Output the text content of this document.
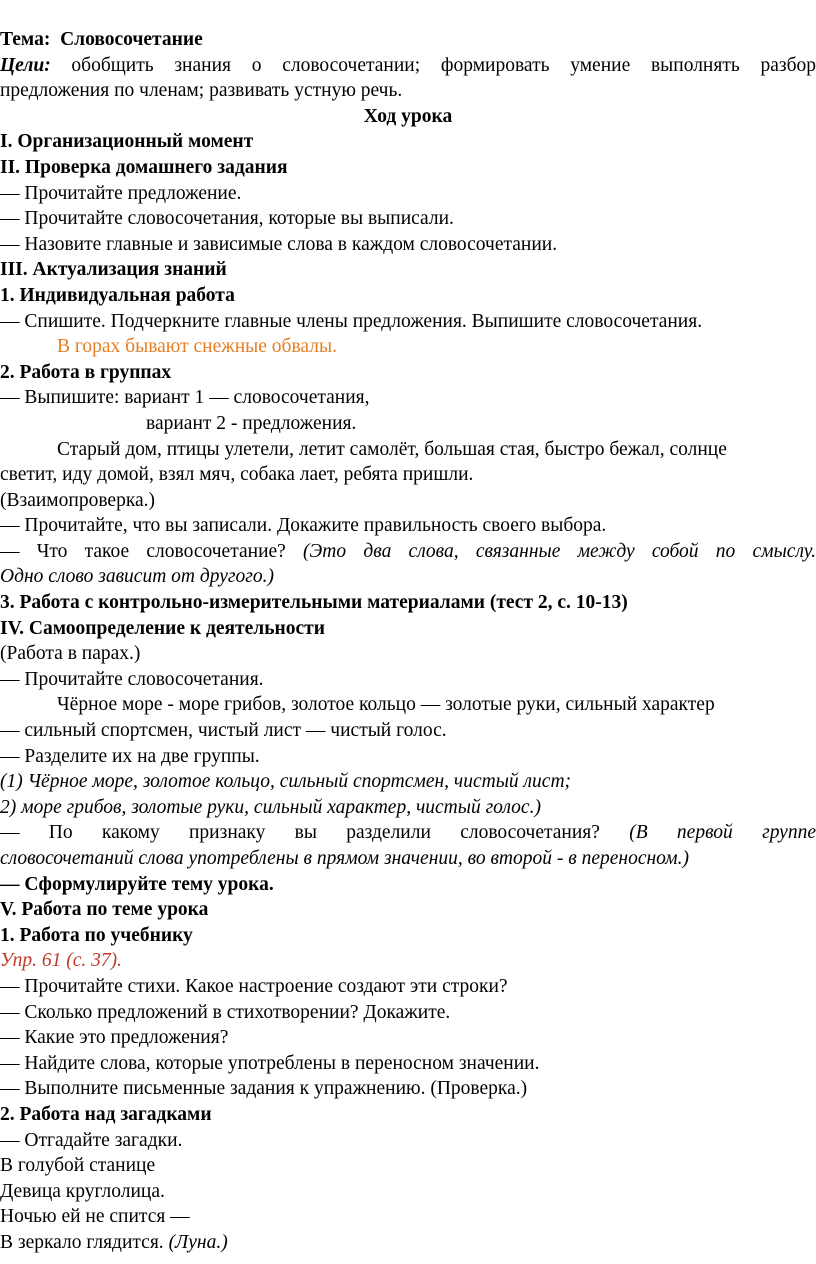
Тема: Словосочетание
Цели: обобщить знания о словосочетании; формировать умение выполнять разбор
предложения по членам; развивать устную речь.
Ход урока
I. Организационный момент
II. Проверка домашнего задания
— Прочитайте предложение.
— Прочитайте словосочетания, которые вы выписали.
— Назовите главные и зависимые слова в каждом словосочетании.
III. Актуализация знаний
1. Индивидуальная работа
— Спишите. Подчеркните главные члены предложения. Выпишите словосочетания.
В горах бывают снежные обвалы.
2. Работа в группах
— Выпишите: вариант 1 — словосочетания,
вариант 2 - предложения.
Старый дом, птицы улетели, летит самолёт, большая стая, быстро бежал, солнце
светит, иду домой, взял мяч, собака лает, ребята пришли.
(Взаимопроверка.)
— Прочитайте, что вы записали. Докажите правильность своего выбора.
— Что такое словосочетание? (Это два слова, связанные между собой по смыслу.
Одно слово зависит от другого.)
3. Работа с контрольно-измерительными материалами (тест 2, с. 10-13)
IV. Самоопределение к деятельности
(Работа в парах.)
— Прочитайте словосочетания.
Чёрное море - море грибов, золотое кольцо — золотые руки, сильный характер
— сильный спортсмен, чистый лист — чистый голос.
— Разделите их на две группы.
(1) Чёрное море, золотое кольцо, сильный спортсмен, чистый лист;
2) море грибов, золотые руки, сильный характер, чистый голос.)
— По какому признаку вы разделили словосочетания? (В первой группе
словосочетаний слова употреблены в прямом значении, во второй - в переносном.)
— Сформулируйте тему урока.
V. Работа по теме урока
1. Работа по учебнику
Упр. 61 (с. 37).
— Прочитайте стихи. Какое настроение создают эти строки?
— Сколько предложений в стихотворении? Докажите.
— Какие это предложения?
— Найдите слова, которые употреблены в переносном значении.
— Выполните письменные задания к упражнению. (Проверка.)
2. Работа над загадками
— Отгадайте загадки.
В голубой станице
Девица круглолица.
Ночью ей не спится —
В зеркало глядится. (Луна.)
